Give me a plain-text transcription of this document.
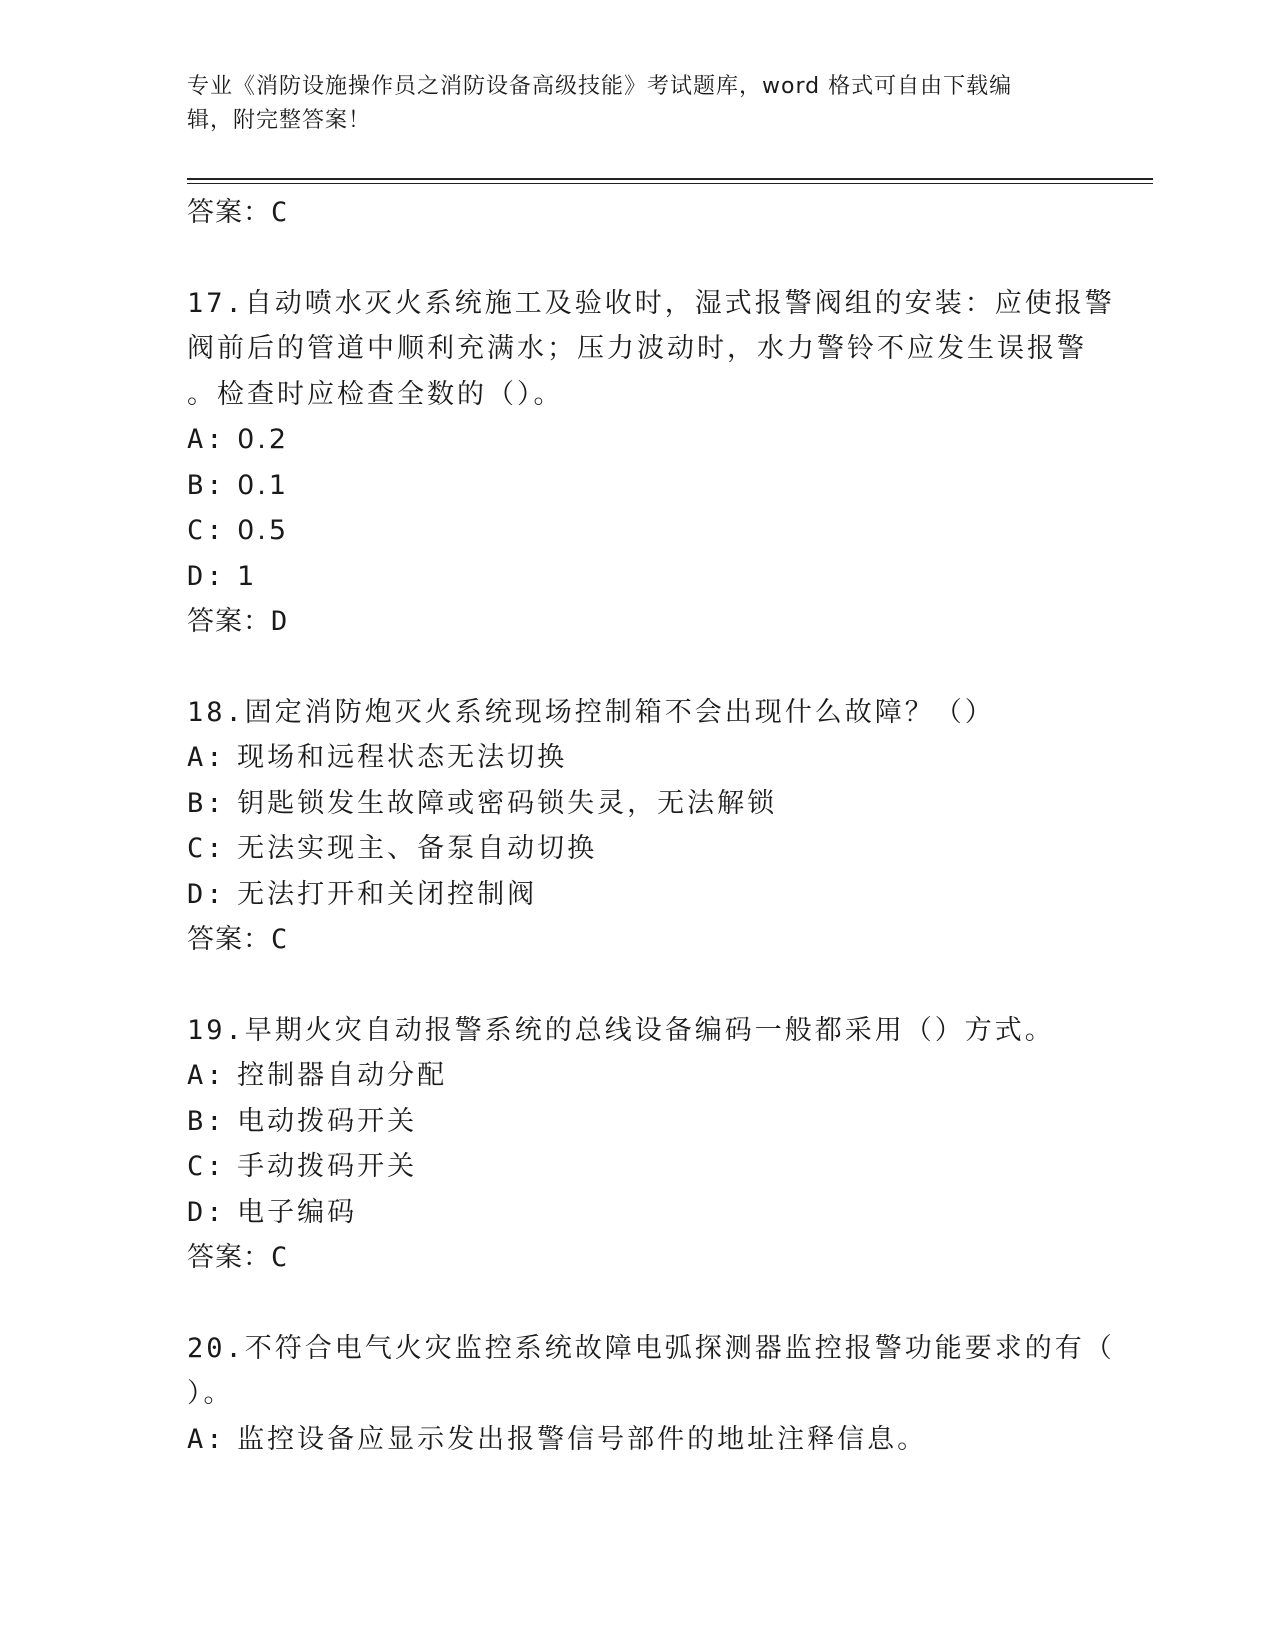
专业《消防设施操作员之消防设备高级技能》考试题库，word 格式可自由下载编
辑，附完整答案！
答案：C
17.自动喷水灭火系统施工及验收时，湿式报警阀组的安装：应使报警
阀前后的管道中顺利充满水；压力波动时，水力警铃不应发生误报警
。检查时应检查全数的（）。
A: 0.2
B: 0.1
C: 0.5
D: 1
答案：D
18.固定消防炮灭火系统现场控制箱不会出现什么故障？（）
A: 现场和远程状态无法切换
B: 钥匙锁发生故障或密码锁失灵，无法解锁
C: 无法实现主、备泵自动切换
D: 无法打开和关闭控制阀
答案：C
19.早期火灾自动报警系统的总线设备编码一般都采用（）方式。
A: 控制器自动分配
B: 电动拨码开关
C: 手动拨码开关
D: 电子编码
答案：C
20.不符合电气火灾监控系统故障电弧探测器监控报警功能要求的有（
）。
A: 监控设备应显示发出报警信号部件的地址注释信息。
